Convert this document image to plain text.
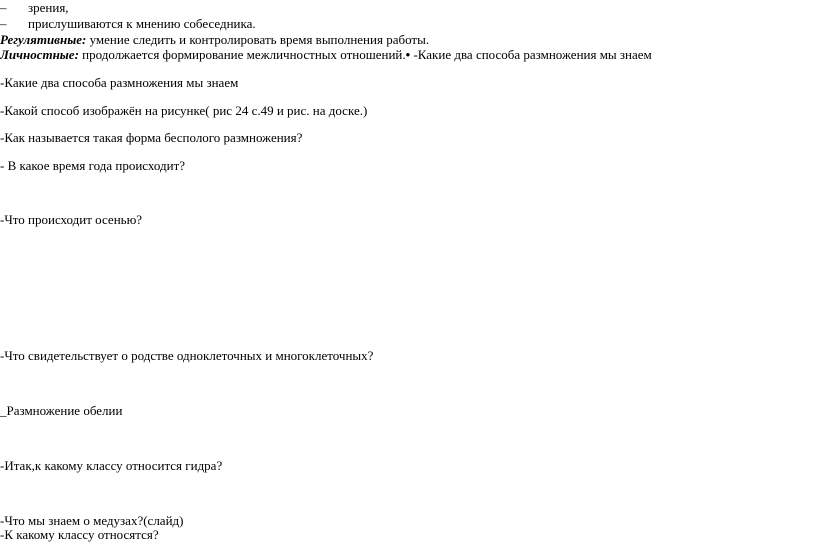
–	зрения,
–	прислушиваются к мнению собеседника.
Регулятивные: умение следить и контролировать время выполнения работы.
Личностные: продолжается формирование межличностных отношений.• -Какие два способа размножения мы знаем
-Какие два способа размножения мы знаем
-Какой способ изображён на рисунке( рис 24 с.49 и рис. на доске.)
-Как называется такая форма бесполого размножения?
- В какое время года происходит?
-Что происходит осенью?
-Что свидетельствует о родстве одноклеточных и многоклеточных?
_Размножение обелии
-Итак,к какому классу относится гидра?
-Что мы знаем о медузах?(слайд)
-К какому классу относятся?
